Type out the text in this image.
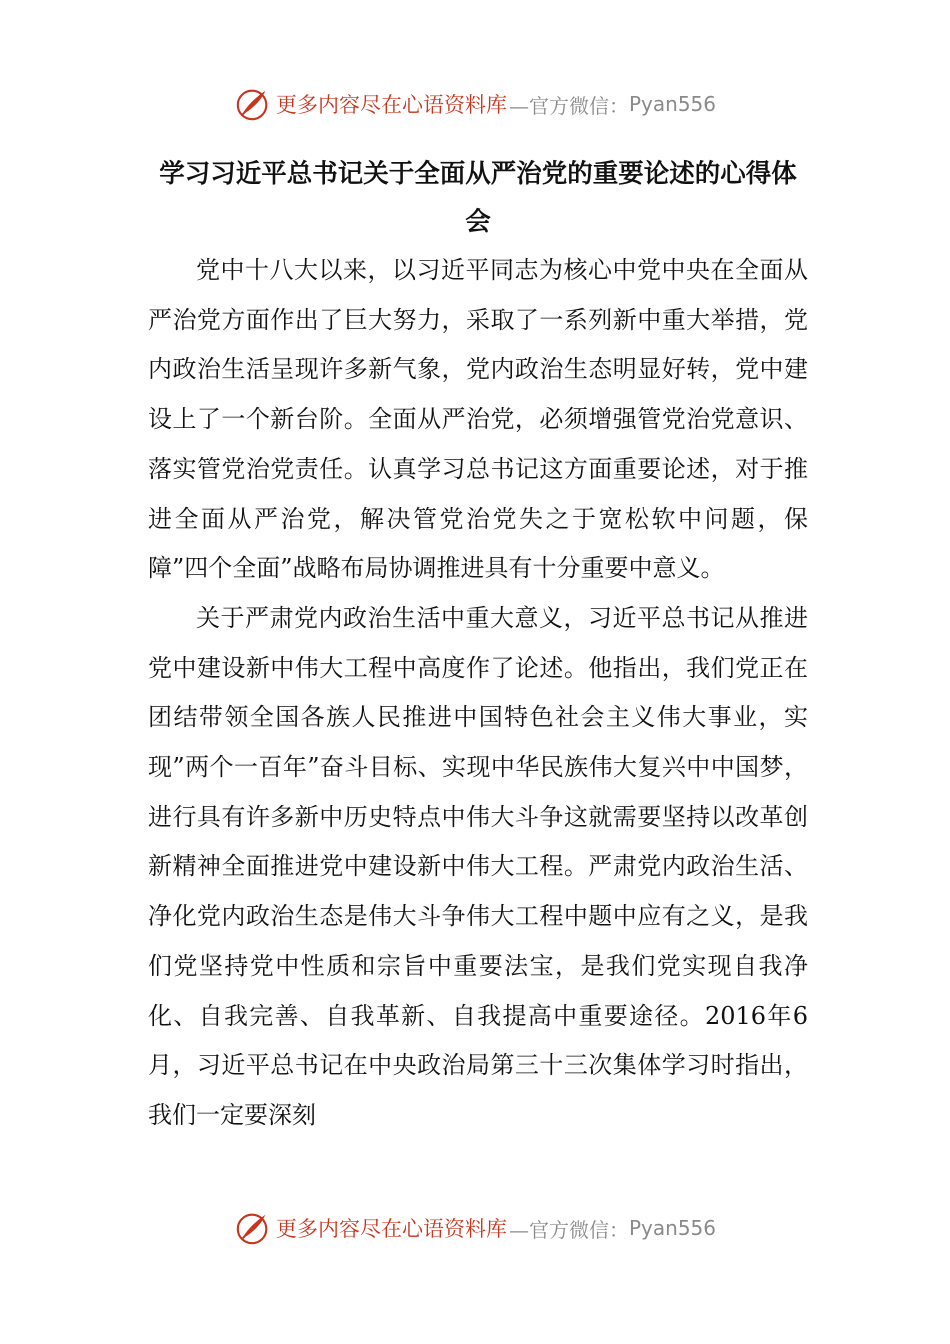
更多内容尽在心语资料库 —官方微信： Pyan556
学习习近平总书记关于全面从严治党的重要论述的心得体会

党中十八大以来，以习近平同志为核心中党中央在全面从严治党方面作出了巨大努力，采取了一系列新中重大举措，党内政治生活呈现许多新气象，党内政治生态明显好转，党中建设上了一个新台阶。全面从严治党，必须增强管党治党意识、落实管党治党责任。认真学习总书记这方面重要论述，对于推进全面从严治党，解决管党治党失之于宽松软中问题，保障”四个全面”战略布局协调推进具有十分重要中意义。

关于严肃党内政治生活中重大意义，习近平总书记从推进党中建设新中伟大工程中高度作了论述。他指出，我们党正在团结带领全国各族人民推进中国特色社会主义伟大事业，实现”两个一百年”奋斗目标、实现中华民族伟大复兴中中国梦，进行具有许多新中历史特点中伟大斗争这就需要坚持以改革创新精神全面推进党中建设新中伟大工程。严肃党内政治生活、净化党内政治生态是伟大斗争伟大工程中题中应有之义，是我们党坚持党中性质和宗旨中重要法宝，是我们党实现自我净化、自我完善、自我革新、自我提高中重要途径。2016年6月，习近平总书记在中央政治局第三十三次集体学习时指出，我们一定要深刻

更多内容尽在心语资料库 —官方微信： Pyan556
